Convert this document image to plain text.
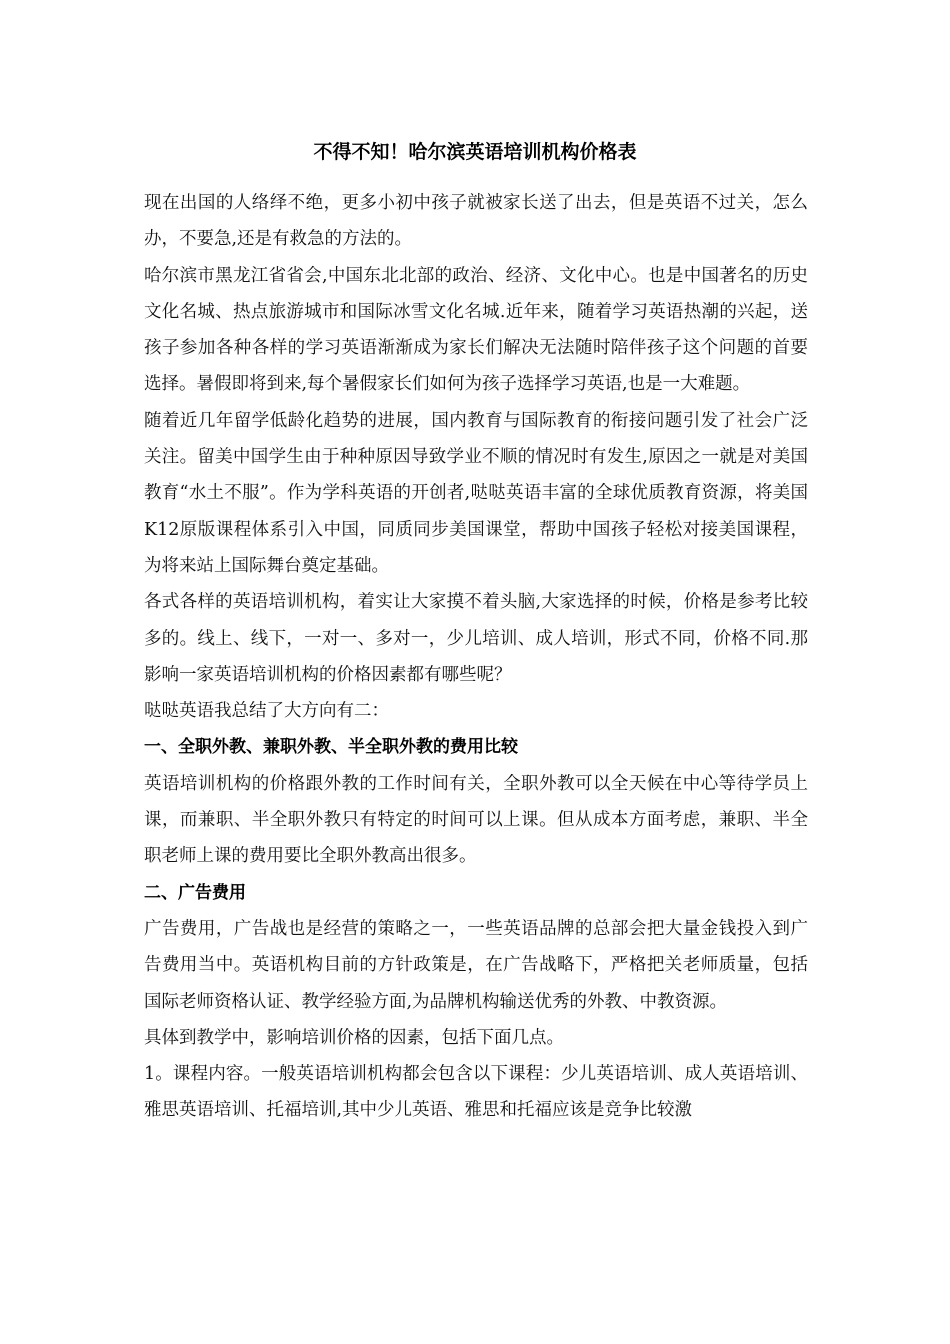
不得不知！哈尔滨英语培训机构价格表

现在出国的人络绎不绝，更多小初中孩子就被家长送了出去，但是英语不过关，怎么办，不要急,还是有救急的方法的。

哈尔滨市黑龙江省省会,中国东北北部的政治、经济、文化中心。也是中国著名的历史文化名城、热点旅游城市和国际冰雪文化名城.近年来，随着学习英语热潮的兴起，送孩子参加各种各样的学习英语渐渐成为家长们解决无法随时陪伴孩子这个问题的首要选择。暑假即将到来,每个暑假家长们如何为孩子选择学习英语,也是一大难题。

随着近几年留学低龄化趋势的进展，国内教育与国际教育的衔接问题引发了社会广泛关注。留美中国学生由于种种原因导致学业不顺的情况时有发生,原因之一就是对美国教育“水土不服”。作为学科英语的开创者,哒哒英语丰富的全球优质教育资源，将美国K12原版课程体系引入中国，同质同步美国课堂，帮助中国孩子轻松对接美国课程，为将来站上国际舞台奠定基础。

各式各样的英语培训机构，着实让大家摸不着头脑,大家选择的时候，价格是参考比较多的。线上、线下，一对一、多对一，少儿培训、成人培训，形式不同，价格不同.那影响一家英语培训机构的价格因素都有哪些呢？

哒哒英语我总结了大方向有二：

一、全职外教、兼职外教、半全职外教的费用比较

英语培训机构的价格跟外教的工作时间有关，全职外教可以全天候在中心等待学员上课，而兼职、半全职外教只有特定的时间可以上课。但从成本方面考虑，兼职、半全职老师上课的费用要比全职外教高出很多。

二、广告费用

广告费用，广告战也是经营的策略之一，一些英语品牌的总部会把大量金钱投入到广告费用当中。英语机构目前的方针政策是，在广告战略下，严格把关老师质量，包括国际老师资格认证、教学经验方面,为品牌机构输送优秀的外教、中教资源。

具体到教学中，影响培训价格的因素，包括下面几点。

1。课程内容。一般英语培训机构都会包含以下课程：少儿英语培训、成人英语培训、雅思英语培训、托福培训,其中少儿英语、雅思和托福应该是竞争比较激
